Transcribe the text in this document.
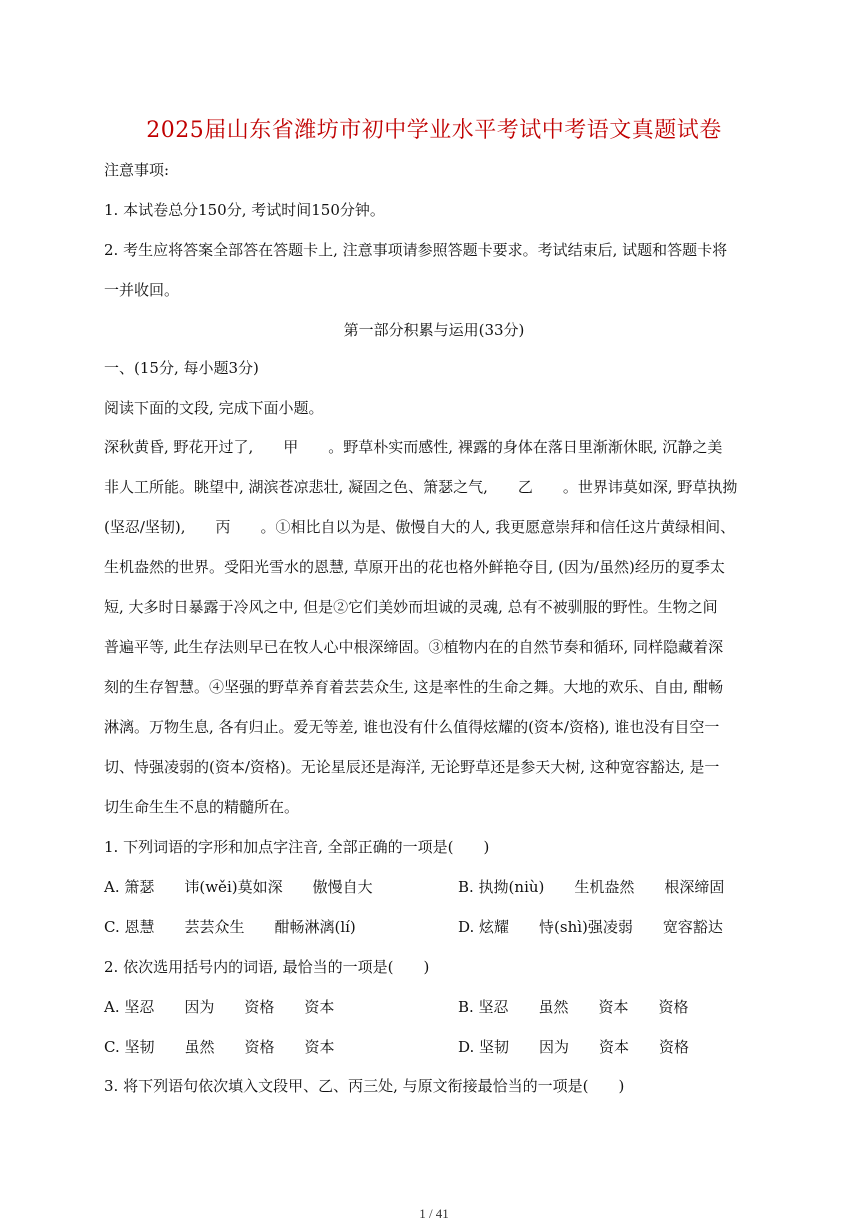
2025届山东省潍坊市初中学业水平考试中考语文真题试卷
注意事项:
1. 本试卷总分150分, 考试时间150分钟。
2. 考生应将答案全部答在答题卡上, 注意事项请参照答题卡要求。考试结束后, 试题和答题卡将
一并收回。
第一部分积累与运用(33分)
一、(15分, 每小题3分)
阅读下面的文段, 完成下面小题。
深秋黄昏, 野花开过了,　　甲　　。野草朴实而感性, 裸露的身体在落日里渐渐休眠, 沉静之美
非人工所能。眺望中, 湖滨苍凉悲壮, 凝固之色、箫瑟之气,　　乙　　。世界讳莫如深, 野草执拗
(坚忍/坚韧),　　丙　　。①相比自以为是、傲慢自大的人, 我更愿意崇拜和信任这片黄绿相间、
生机盎然的世界。受阳光雪水的恩慧, 草原开出的花也格外鲜艳夺目, (因为/虽然)经历的夏季太
短, 大多时日暴露于冷风之中, 但是②它们美妙而坦诚的灵魂, 总有不被驯服的野性。生物之间
普遍平等, 此生存法则早已在牧人心中根深缔固。③植物内在的自然节奏和循环, 同样隐藏着深
刻的生存智慧。④坚强的野草养育着芸芸众生, 这是率性的生命之舞。大地的欢乐、自由, 酣畅
淋漓。万物生息, 各有归止。爱无等差, 谁也没有什么值得炫耀的(资本/资格), 谁也没有目空一
切、恃强凌弱的(资本/资格)。无论星辰还是海洋, 无论野草还是参天大树, 这种宽容豁达, 是一
切生命生生不息的精髓所在。
1. 下列词语的字形和加点字注音, 全部正确的一项是(　　)
A. 箫瑟　　讳(wěi)莫如深　　傲慢自大	B. 执拗(niù)　　生机盎然　　根深缔固
C. 恩慧　　芸芸众生　　酣畅淋漓(lí)	D. 炫耀　　恃(shì)强凌弱　　宽容豁达
2. 依次选用括号内的词语, 最恰当的一项是(　　)
A. 坚忍　　因为　　资格　　资本	B. 坚忍　　虽然　　资本　　资格
C. 坚韧　　虽然　　资格　　资本	D. 坚韧　　因为　　资本　　资格
3. 将下列语句依次填入文段甲、乙、丙三处, 与原文衔接最恰当的一项是(　　)
1 / 41
